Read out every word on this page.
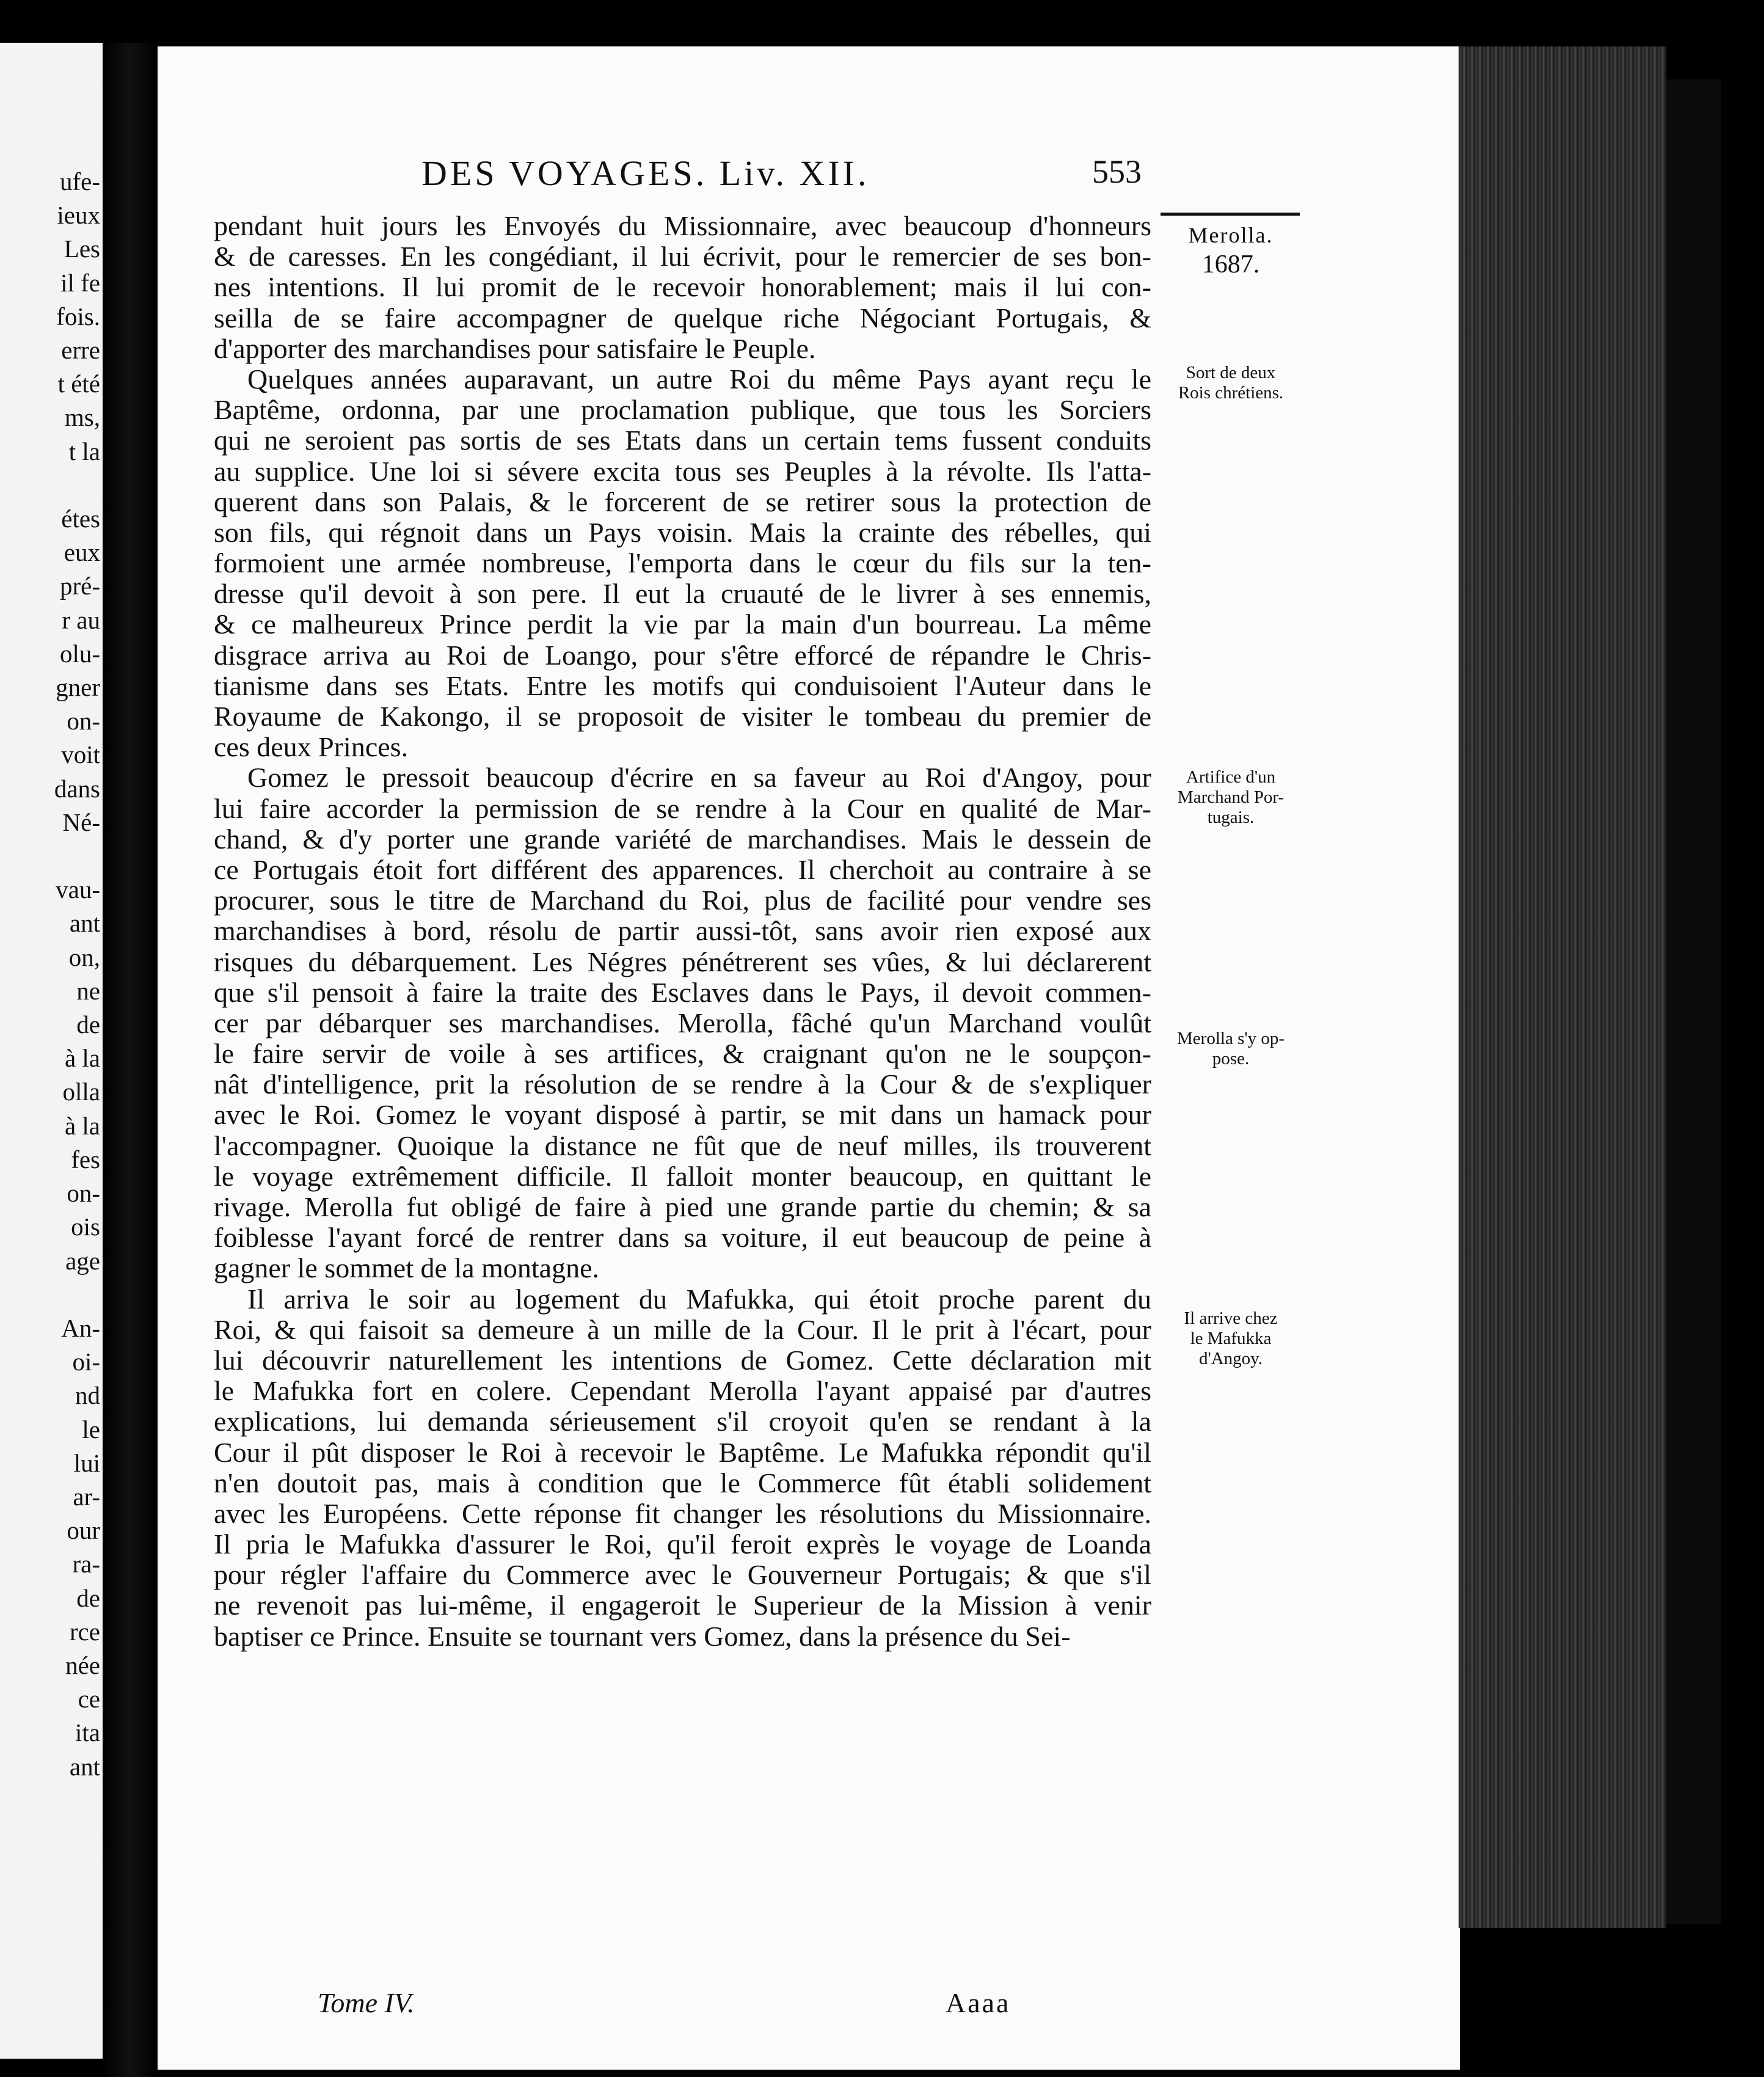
ufe-
ieux
Les
il fe
fois.
erre
t été
ms,
t la

étes
eux
pré-
r au
olu-
gner
on-
voit
dans
Né-

vau-
ant
on,
ne
de
à la
olla
à la
fes
on-
ois
age

An-
oi-
nd
le
lui
ar-
our
ra-
de
rce
née
ce
ita
ant
DES VOYAGES. Liv. XII.	553
pendant huit jours les Envoyés du Missionnaire, avec beaucoup d'honneurs
& de caresses. En les congédiant, il lui écrivit, pour le remercier de ses bon-
nes intentions. Il lui promit de le recevoir honorablement; mais il lui con-
seilla de se faire accompagner de quelque riche Négociant Portugais, &
d'apporter des marchandises pour satisfaire le Peuple.
Quelques années auparavant, un autre Roi du même Pays ayant reçu le
Baptême, ordonna, par une proclamation publique, que tous les Sorciers
qui ne seroient pas sortis de ses Etats dans un certain tems fussent conduits
au supplice. Une loi si sévere excita tous ses Peuples à la révolte. Ils l'atta-
querent dans son Palais, & le forcerent de se retirer sous la protection de
son fils, qui régnoit dans un Pays voisin. Mais la crainte des rébelles, qui
formoient une armée nombreuse, l'emporta dans le cœur du fils sur la ten-
dresse qu'il devoit à son pere. Il eut la cruauté de le livrer à ses ennemis,
& ce malheureux Prince perdit la vie par la main d'un bourreau. La même
disgrace arriva au Roi de Loango, pour s'être efforcé de répandre le Chris-
tianisme dans ses Etats. Entre les motifs qui conduisoient l'Auteur dans le
Royaume de Kakongo, il se proposoit de visiter le tombeau du premier de
ces deux Princes.
Gomez le pressoit beaucoup d'écrire en sa faveur au Roi d'Angoy, pour
lui faire accorder la permission de se rendre à la Cour en qualité de Mar-
chand, & d'y porter une grande variété de marchandises. Mais le dessein de
ce Portugais étoit fort différent des apparences. Il cherchoit au contraire à se
procurer, sous le titre de Marchand du Roi, plus de facilité pour vendre ses
marchandises à bord, résolu de partir aussi-tôt, sans avoir rien exposé aux
risques du débarquement. Les Négres pénétrerent ses vûes, & lui déclarerent
que s'il pensoit à faire la traite des Esclaves dans le Pays, il devoit commen-
cer par débarquer ses marchandises. Merolla, fâché qu'un Marchand voulût
le faire servir de voile à ses artifices, & craignant qu'on ne le soupçon-
nât d'intelligence, prit la résolution de se rendre à la Cour & de s'expliquer
avec le Roi. Gomez le voyant disposé à partir, se mit dans un hamack pour
l'accompagner. Quoique la distance ne fût que de neuf milles, ils trouverent
le voyage extrêmement difficile. Il falloit monter beaucoup, en quittant le
rivage. Merolla fut obligé de faire à pied une grande partie du chemin; & sa
foiblesse l'ayant forcé de rentrer dans sa voiture, il eut beaucoup de peine à
gagner le sommet de la montagne.
Il arriva le soir au logement du Mafukka, qui étoit proche parent du
Roi, & qui faisoit sa demeure à un mille de la Cour. Il le prit à l'écart, pour
lui découvrir naturellement les intentions de Gomez. Cette déclaration mit
le Mafukka fort en colere. Cependant Merolla l'ayant appaisé par d'autres
explications, lui demanda sérieusement s'il croyoit qu'en se rendant à la
Cour il pût disposer le Roi à recevoir le Baptême. Le Mafukka répondit qu'il
n'en doutoit pas, mais à condition que le Commerce fût établi solidement
avec les Européens. Cette réponse fit changer les résolutions du Missionnaire.
Il pria le Mafukka d'assurer le Roi, qu'il feroit exprès le voyage de Loanda
pour régler l'affaire du Commerce avec le Gouverneur Portugais; & que s'il
ne revenoit pas lui-même, il engageroit le Superieur de la Mission à venir
baptiser ce Prince. Ensuite se tournant vers Gomez, dans la présence du Sei-
Merolla.
1687.
Sort de deux
Rois chrétiens.
Artifice d'un
Marchand Por-
tugais.
Merolla s'y op-
pose.
Il arrive chez
le Mafukka
d'Angoy.
Tome IV.	Aaaa
